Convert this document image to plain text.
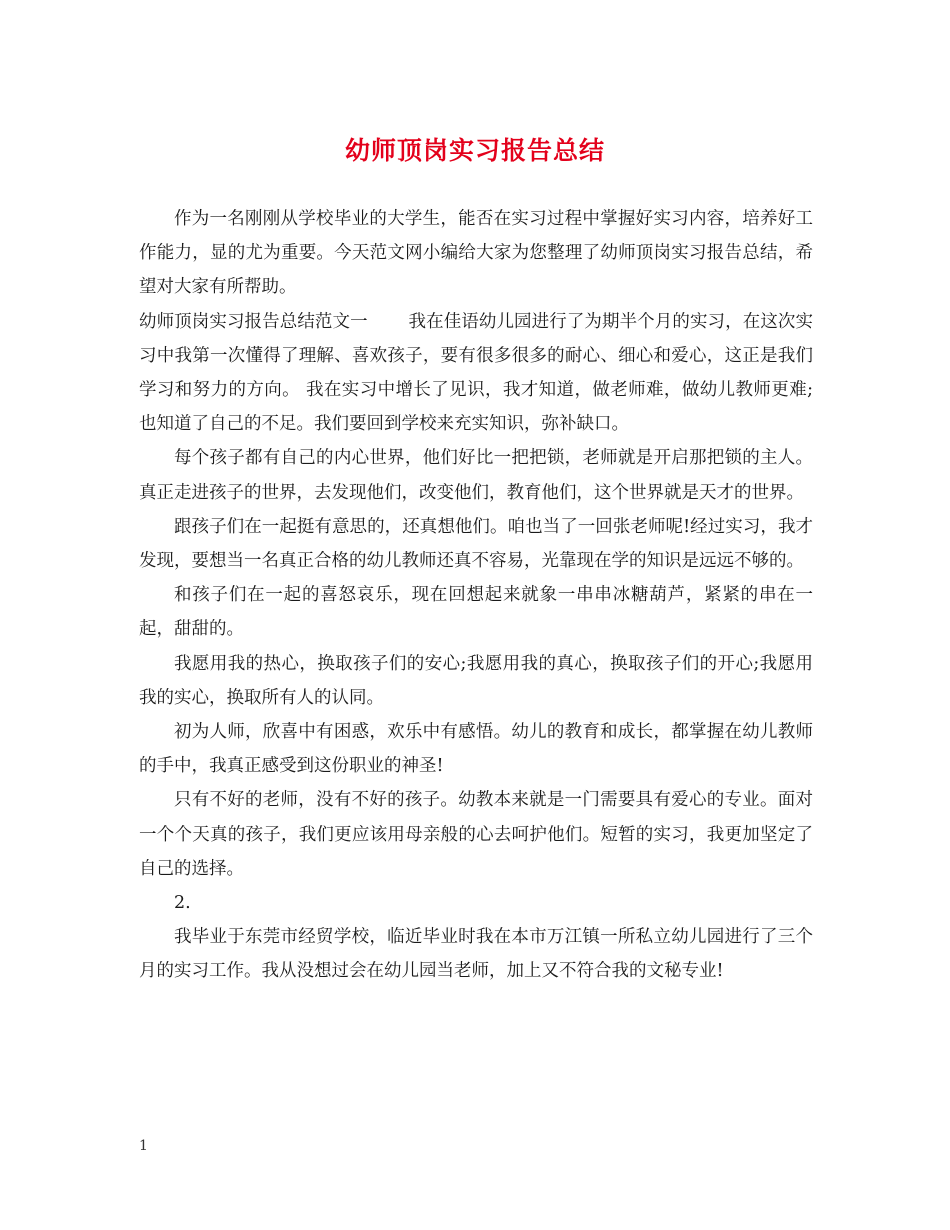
幼师顶岗实习报告总结

作为一名刚刚从学校毕业的大学生，能否在实习过程中掌握好实习内容，培养好工作能力，显的尤为重要。今天范文网小编给大家为您整理了幼师顶岗实习报告总结，希望对大家有所帮助。

幼师顶岗实习报告总结范文一　　 我在佳语幼儿园进行了为期半个月的实习，在这次实习中我第一次懂得了理解、喜欢孩子，要有很多很多的耐心、细心和爱心，这正是我们学习和努力的方向。 我在实习中增长了见识，我才知道，做老师难，做幼儿教师更难;也知道了自己的不足。我们要回到学校来充实知识，弥补缺口。

每个孩子都有自己的内心世界，他们好比一把把锁，老师就是开启那把锁的主人。真正走进孩子的世界，去发现他们，改变他们，教育他们，这个世界就是天才的世界。

跟孩子们在一起挺有意思的，还真想他们。咱也当了一回张老师呢!经过实习，我才发现，要想当一名真正合格的幼儿教师还真不容易，光靠现在学的知识是远远不够的。

和孩子们在一起的喜怒哀乐，现在回想起来就象一串串冰糖葫芦，紧紧的串在一起，甜甜的。

我愿用我的热心，换取孩子们的安心;我愿用我的真心，换取孩子们的开心;我愿用我的实心，换取所有人的认同。

初为人师，欣喜中有困惑，欢乐中有感悟。幼儿的教育和成长，都掌握在幼儿教师的手中，我真正感受到这份职业的神圣!

只有不好的老师，没有不好的孩子。幼教本来就是一门需要具有爱心的专业。面对一个个天真的孩子，我们更应该用母亲般的心去呵护他们。短暂的实习，我更加坚定了自己的选择。

2.

我毕业于东莞市经贸学校，临近毕业时我在本市万江镇一所私立幼儿园进行了三个月的实习工作。我从没想过会在幼儿园当老师，加上又不符合我的文秘专业!

1
